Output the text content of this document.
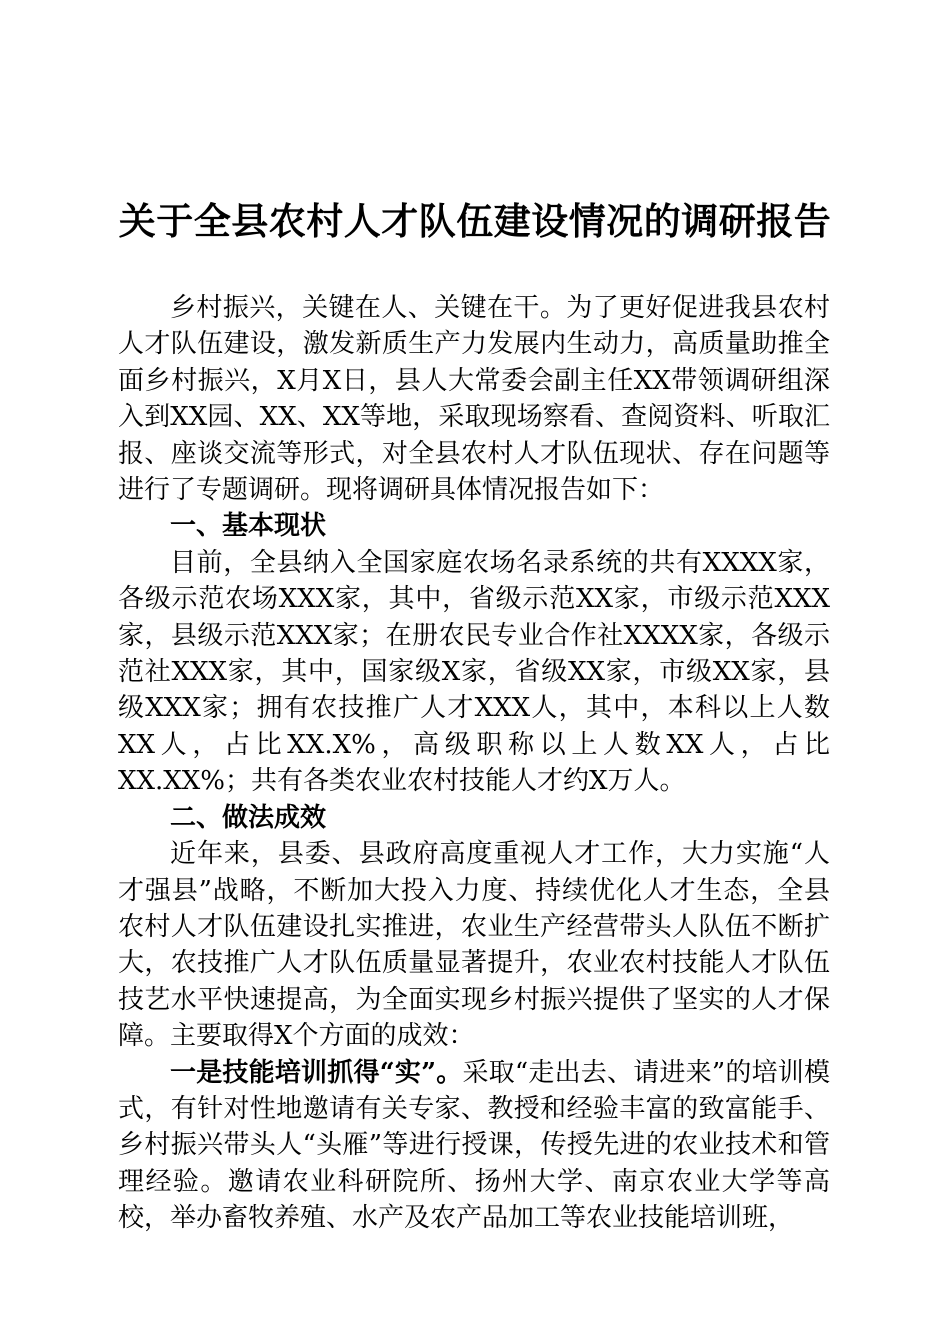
关于全县农村人才队伍建设情况的调研报告

乡村振兴，关键在人、关键在干。为了更好促进我县农村人才队伍建设，激发新质生产力发展内生动力，高质量助推全面乡村振兴，X月X日，县人大常委会副主任XX带领调研组深入到XX园、XX、XX等地，采取现场察看、查阅资料、听取汇报、座谈交流等形式，对全县农村人才队伍现状、存在问题等进行了专题调研。现将调研具体情况报告如下：

一、基本现状

目前，全县纳入全国家庭农场名录系统的共有XXXX家，各级示范农场XXX家，其中，省级示范XX家，市级示范XXX家，县级示范XXX家；在册农民专业合作社XXXX家，各级示范社XXX家，其中，国家级X家，省级XX家，市级XX家，县级XXX家；拥有农技推广人才XXX人，其中，本科以上人数XX人，占比XX.X%，高级职称以上人数XX人，占比XX.XX%；共有各类农业农村技能人才约X万人。

二、做法成效

近年来，县委、县政府高度重视人才工作，大力实施“人才强县”战略，不断加大投入力度、持续优化人才生态，全县农村人才队伍建设扎实推进，农业生产经营带头人队伍不断扩大，农技推广人才队伍质量显著提升，农业农村技能人才队伍技艺水平快速提高，为全面实现乡村振兴提供了坚实的人才保障。主要取得X个方面的成效：

一是技能培训抓得“实”。采取“走出去、请进来”的培训模式，有针对性地邀请有关专家、教授和经验丰富的致富能手、乡村振兴带头人“头雁”等进行授课，传授先进的农业技术和管理经验。邀请农业科研院所、扬州大学、南京农业大学等高校，举办畜牧养殖、水产及农产品加工等农业技能培训班，
